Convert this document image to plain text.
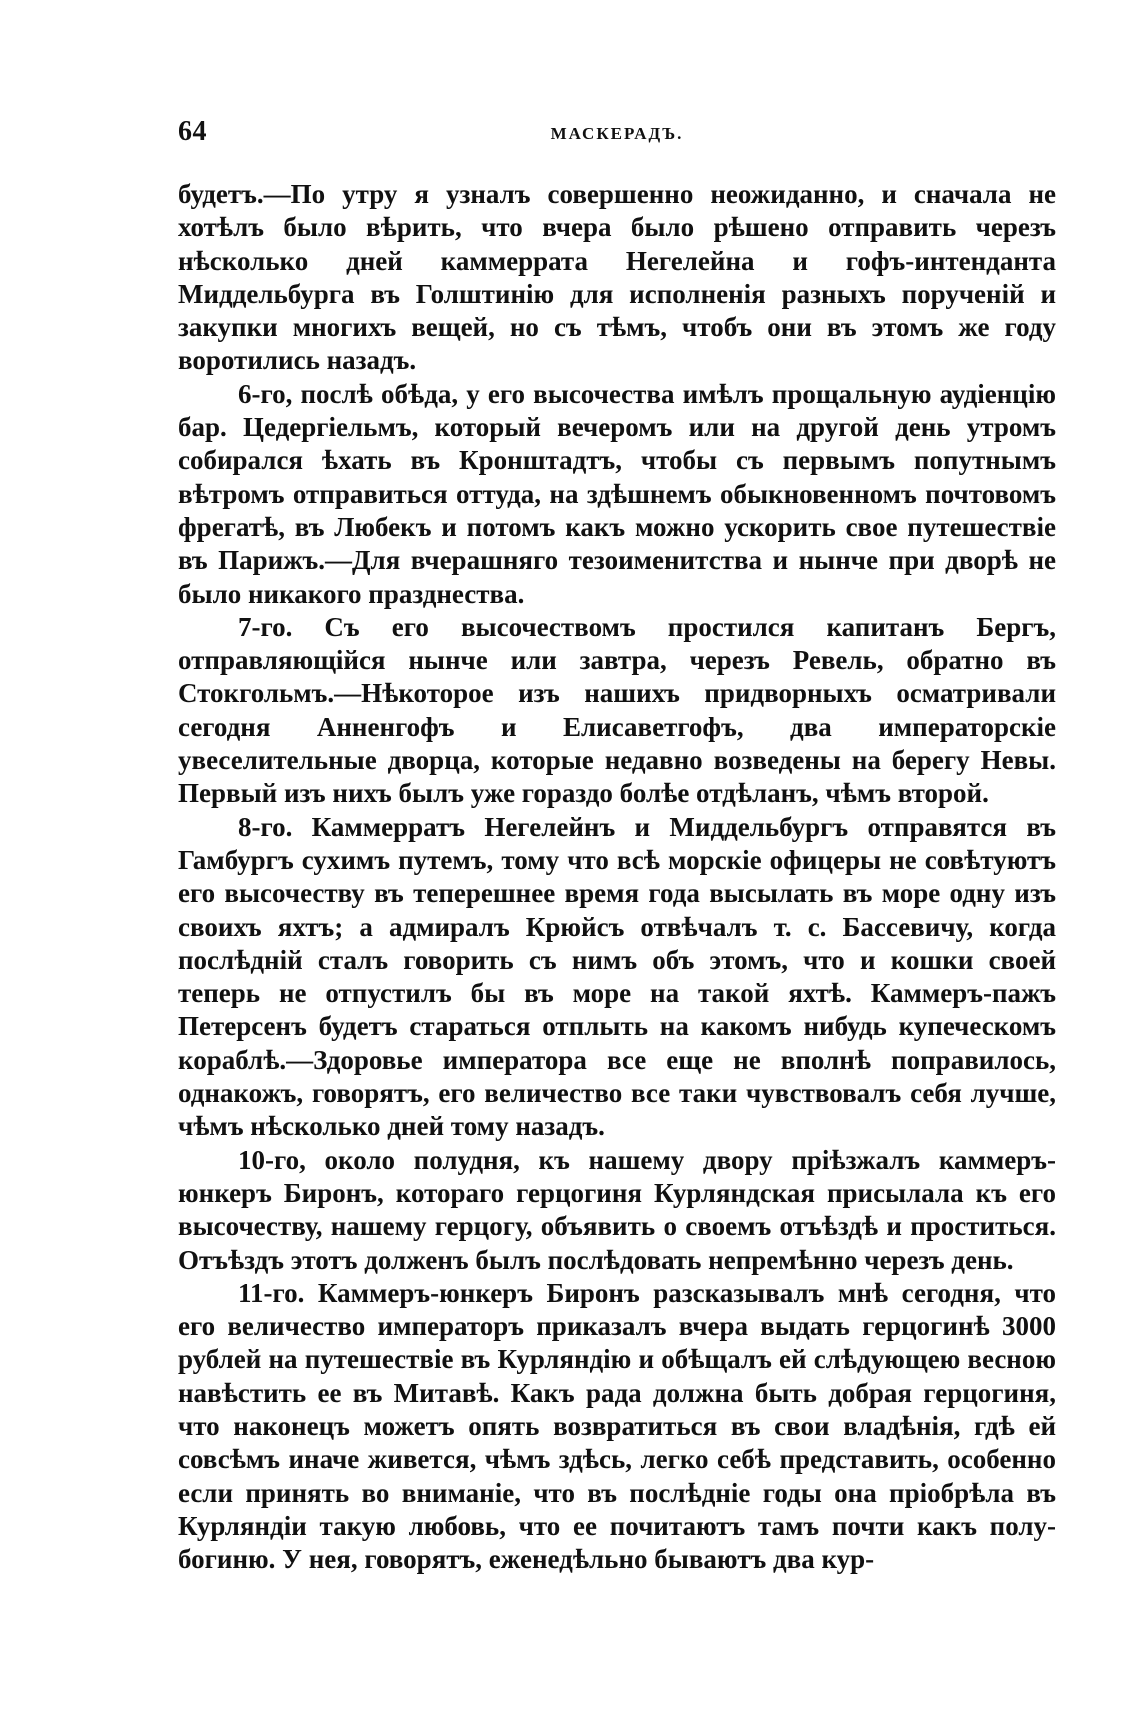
64	МАСКЕРАДЪ.

будетъ.—По утру я узналъ совершенно неожиданно, и сначала не хотѣлъ было вѣрить, что вчера было рѣшено отправить черезъ нѣсколько дней каммеррата Негелейна и гофъ-интенданта Миддельбурга въ Голштинію для исполненія разныхъ порученій и закупки многихъ вещей, но съ тѣмъ, чтобъ они въ этомъ же году воротились назадъ.

6-го, послѣ обѣда, у его высочества имѣлъ прощальную аудіенцію бар. Цедергіельмъ, который вечеромъ или на другой день утромъ собирался ѣхать въ Кронштадтъ, чтобы съ первымъ попутнымъ вѣтромъ отправиться оттуда, на здѣшнемъ обыкновенномъ почтовомъ фрегатѣ, въ Любекъ и потомъ какъ можно ускорить свое путешествіе въ Парижъ.—Для вчерашняго тезоименитства и нынче при дворѣ не было никакого празднества.

7-го. Съ его высочествомъ простился капитанъ Бергъ, отправляющійся нынче или завтра, черезъ Ревель, обратно въ Стокгольмъ.—Нѣкоторое изъ нашихъ придворныхъ осматривали сегодня Анненгофъ и Елисаветгофъ, два императорскіе увеселительные дворца, которые недавно возведены на берегу Невы. Первый изъ нихъ былъ уже гораздо болѣе отдѣланъ, чѣмъ второй.

8-го. Каммерратъ Негелейнъ и Миддельбургъ отправятся въ Гамбургъ сухимъ путемъ, тому что всѣ морскіе офицеры не совѣтуютъ его высочеству въ теперешнее время года высылать въ море одну изъ своихъ яхтъ; а адмиралъ Крюйсъ отвѣчалъ т. с. Бассевичу, когда послѣдній сталъ говорить съ нимъ объ этомъ, что и кошки своей теперь не отпустилъ бы въ море на такой яхтѣ. Каммеръ-пажъ Петерсенъ будетъ стараться отплыть на какомъ нибудь купеческомъ кораблѣ.—Здоровье императора все еще не вполнѣ поправилось, однакожъ, говорятъ, его величество все таки чувствовалъ себя лучше, чѣмъ нѣсколько дней тому назадъ.

10-го, около полудня, къ нашему двору пріѣзжалъ каммеръ-юнкеръ Биронъ, котораго герцогиня Курляндская присылала къ его высочеству, нашему герцогу, объявить о своемъ отъѣздѣ и проститься. Отъѣздъ этотъ долженъ былъ послѣдовать непремѣнно черезъ день.

11-го. Каммеръ-юнкеръ Биронъ разсказывалъ мнѣ сегодня, что его величество императоръ приказалъ вчера выдать герцогинѣ 3000 рублей на путешествіе въ Курляндію и обѣщалъ ей слѣдующею весною навѣстить ее въ Митавѣ. Какъ рада должна быть добрая герцогиня, что наконецъ можетъ опять возвратиться въ свои владѣнія, гдѣ ей совсѣмъ иначе живется, чѣмъ здѣсь, легко себѣ представить, особенно если принять во вниманіе, что въ послѣдніе годы она пріобрѣла въ Курляндіи такую любовь, что ее почитаютъ тамъ почти какъ полу-богиню. У нея, говорятъ, еженедѣльно бываютъ два кур-
